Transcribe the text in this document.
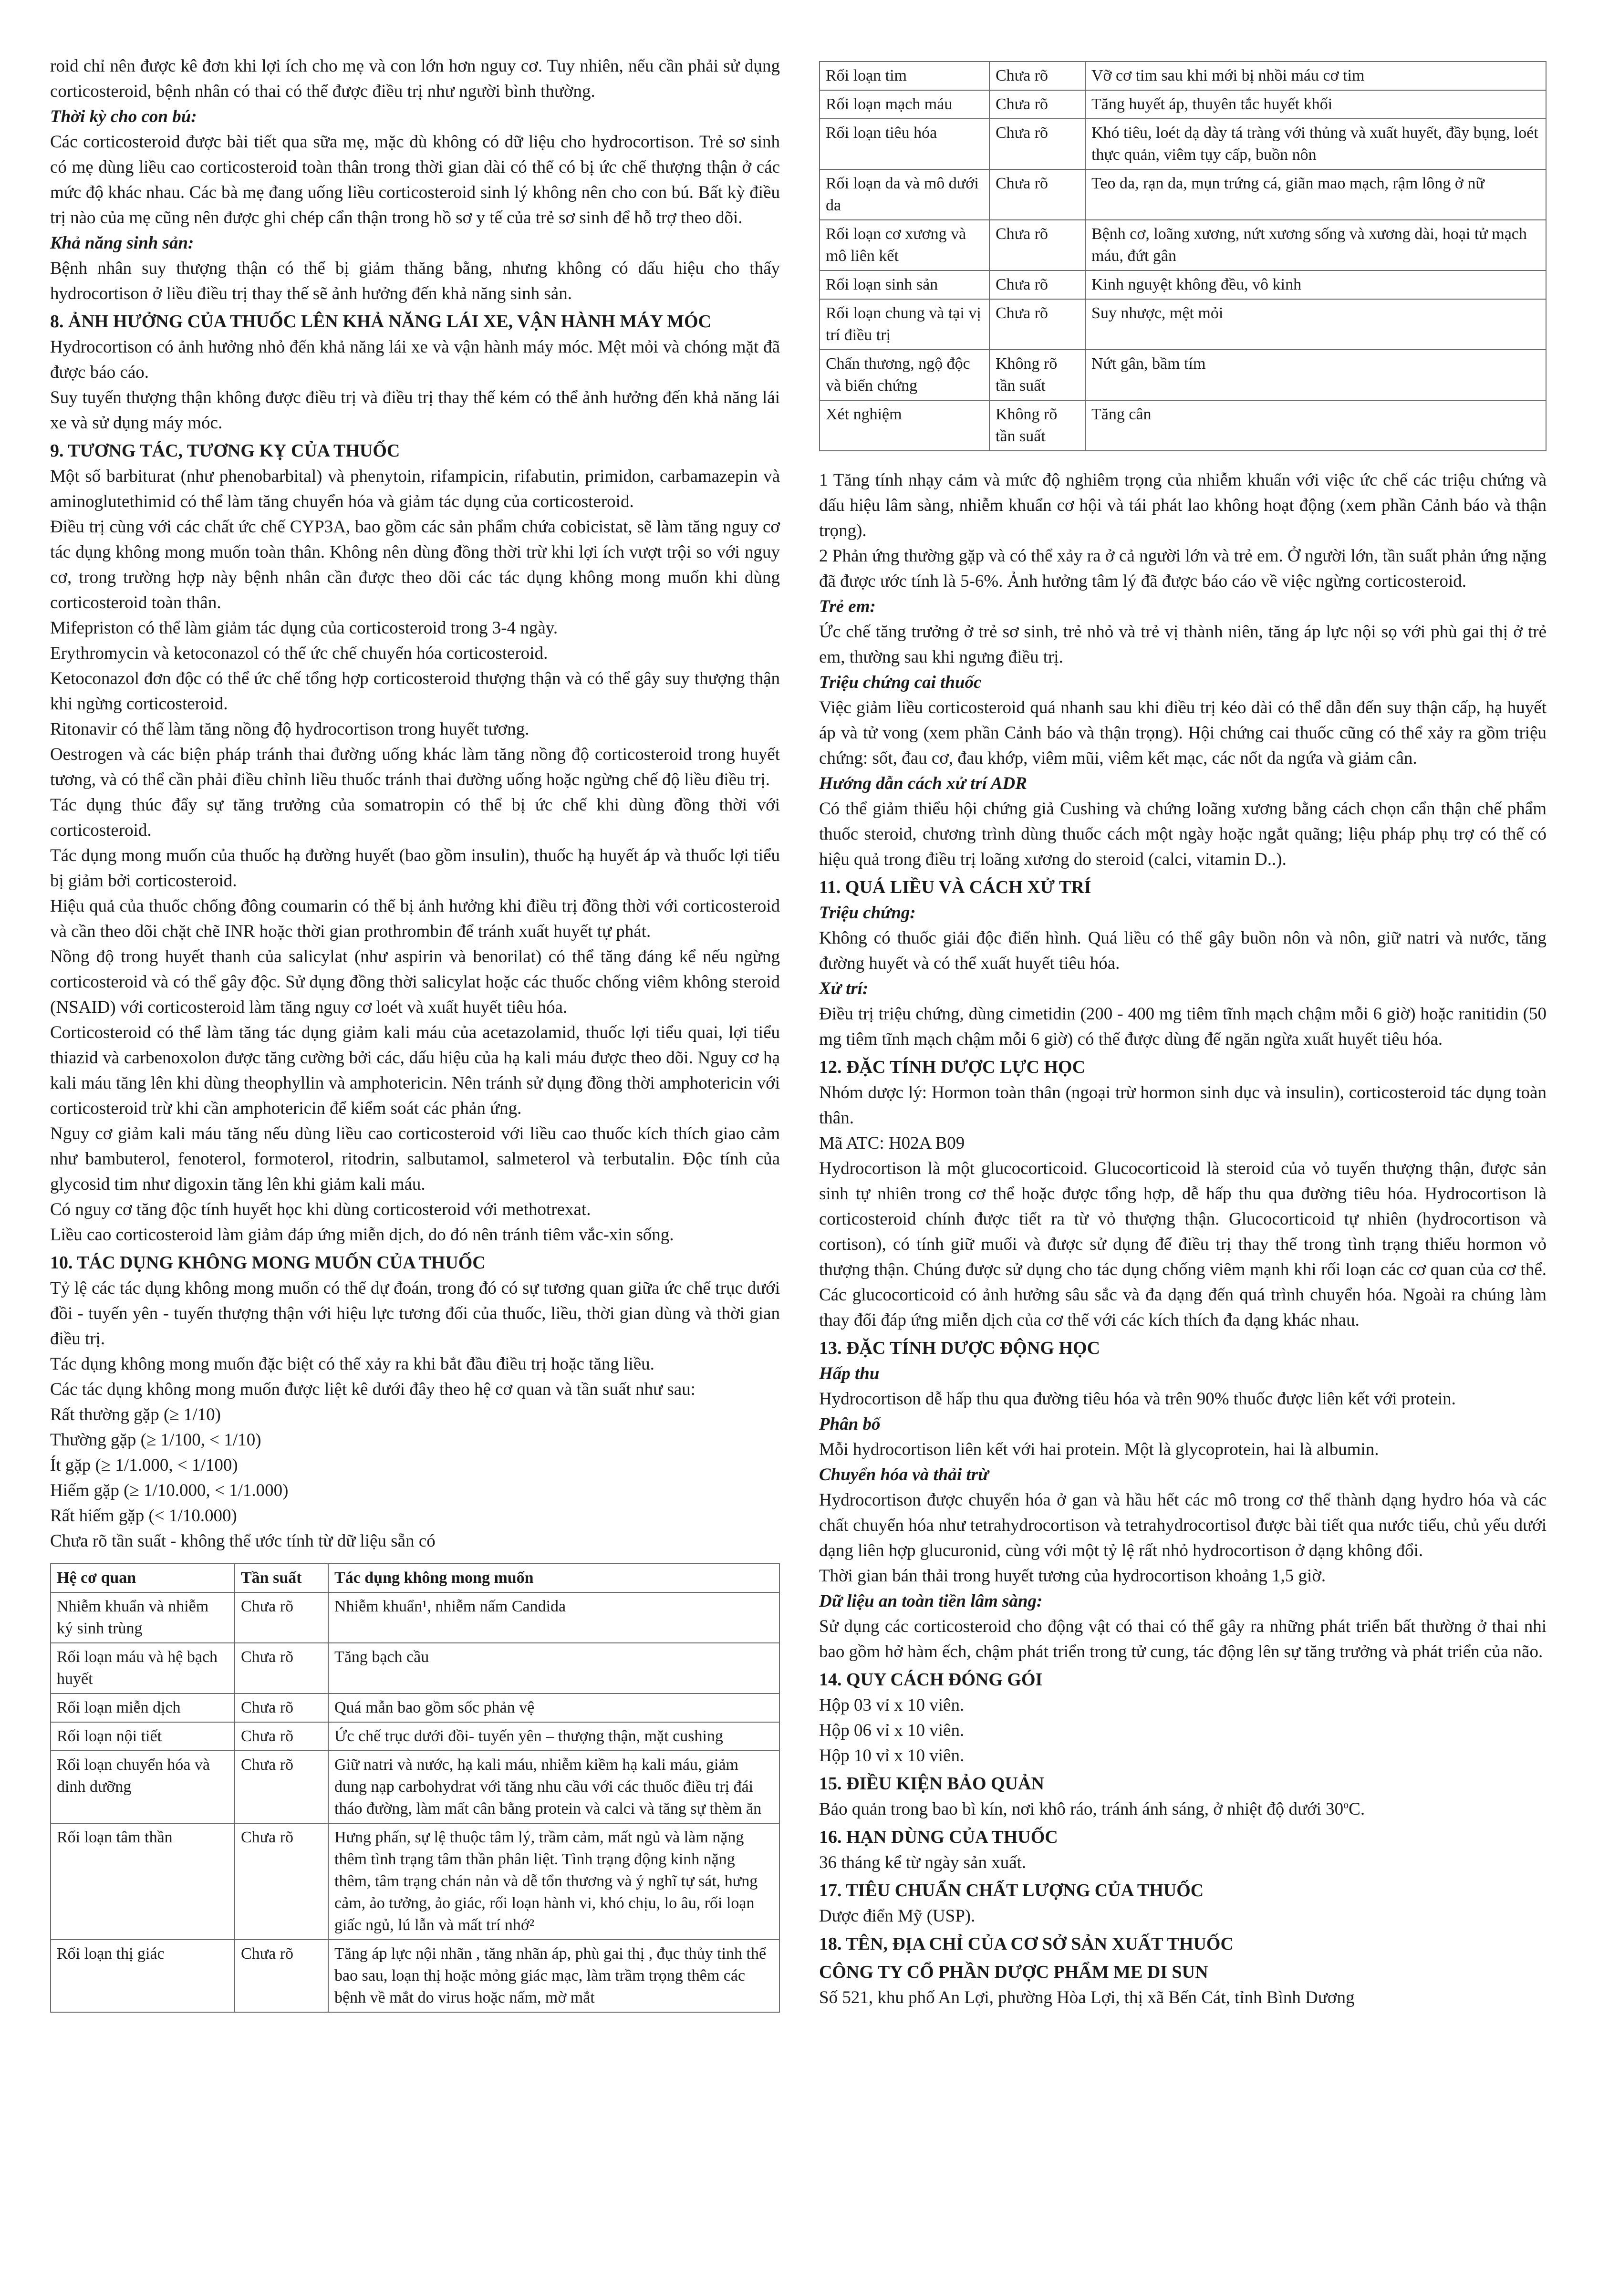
roid chỉ nên được kê đơn khi lợi ích cho mẹ và con lớn hơn nguy cơ. Tuy nhiên, nếu cần phải sử dụng corticosteroid, bệnh nhân có thai có thể được điều trị như người bình thường.

Thời kỳ cho con bú:

Các corticosteroid được bài tiết qua sữa mẹ, mặc dù không có dữ liệu cho hydrocortison. Trẻ sơ sinh có mẹ dùng liều cao corticosteroid toàn thân trong thời gian dài có thể có bị ức chế thượng thận ở các mức độ khác nhau. Các bà mẹ đang uống liều corticosteroid sinh lý không nên cho con bú. Bất kỳ điều trị nào của mẹ cũng nên được ghi chép cẩn thận trong hồ sơ y tế của trẻ sơ sinh để hỗ trợ theo dõi.

Khả năng sinh sản:

Bệnh nhân suy thượng thận có thể bị giảm thăng bằng, nhưng không có dấu hiệu cho thấy hydrocortison ở liều điều trị thay thế sẽ ảnh hưởng đến khả năng sinh sản.

8. ẢNH HƯỞNG CỦA THUỐC LÊN KHẢ NĂNG LÁI XE, VẬN HÀNH MÁY MÓC

Hydrocortison có ảnh hưởng nhỏ đến khả năng lái xe và vận hành máy móc. Mệt mỏi và chóng mặt đã được báo cáo.

Suy tuyến thượng thận không được điều trị và điều trị thay thế kém có thể ảnh hưởng đến khả năng lái xe và sử dụng máy móc.

9. TƯƠNG TÁC, TƯƠNG KỴ CỦA THUỐC

Một số barbiturat (như phenobarbital) và phenytoin, rifampicin, rifabutin, primidon, carbamazepin và aminoglutethimid có thể làm tăng chuyển hóa và giảm tác dụng của corticosteroid.

Điều trị cùng với các chất ức chế CYP3A, bao gồm các sản phẩm chứa cobicistat, sẽ làm tăng nguy cơ tác dụng không mong muốn toàn thân. Không nên dùng đồng thời trừ khi lợi ích vượt trội so với nguy cơ, trong trường hợp này bệnh nhân cần được theo dõi các tác dụng không mong muốn khi dùng corticosteroid toàn thân.

Mifepriston có thể làm giảm tác dụng của corticosteroid trong 3-4 ngày.

Erythromycin và ketoconazol có thể ức chế chuyển hóa corticosteroid.

Ketoconazol đơn độc có thể ức chế tổng hợp corticosteroid thượng thận và có thể gây suy thượng thận khi ngừng corticosteroid.

Ritonavir có thể làm tăng nồng độ hydrocortison trong huyết tương.

Oestrogen và các biện pháp tránh thai đường uống khác làm tăng nồng độ corticosteroid trong huyết tương, và có thể cần phải điều chỉnh liều thuốc tránh thai đường uống hoặc ngừng chế độ liều điều trị.

Tác dụng thúc đẩy sự tăng trưởng của somatropin có thể bị ức chế khi dùng đồng thời với corticosteroid.

Tác dụng mong muốn của thuốc hạ đường huyết (bao gồm insulin), thuốc hạ huyết áp và thuốc lợi tiểu bị giảm bởi corticosteroid.

Hiệu quả của thuốc chống đông coumarin có thể bị ảnh hưởng khi điều trị đồng thời với corticosteroid và cần theo dõi chặt chẽ INR hoặc thời gian prothrombin để tránh xuất huyết tự phát.

Nồng độ trong huyết thanh của salicylat (như aspirin và benorilat) có thể tăng đáng kể nếu ngừng corticosteroid và có thể gây độc. Sử dụng đồng thời salicylat hoặc các thuốc chống viêm không steroid (NSAID) với corticosteroid làm tăng nguy cơ loét và xuất huyết tiêu hóa.

Corticosteroid có thể làm tăng tác dụng giảm kali máu của acetazolamid, thuốc lợi tiểu quai, lợi tiểu thiazid và carbenoxolon được tăng cường bởi các, dấu hiệu của hạ kali máu được theo dõi. Nguy cơ hạ kali máu tăng lên khi dùng theophyllin và amphotericin. Nên tránh sử dụng đồng thời amphotericin với corticosteroid trừ khi cần amphotericin để kiểm soát các phản ứng.

Nguy cơ giảm kali máu tăng nếu dùng liều cao corticosteroid với liều cao thuốc kích thích giao cảm như bambuterol, fenoterol, formoterol, ritodrin, salbutamol, salmeterol và terbutalin. Độc tính của glycosid tim như digoxin tăng lên khi giảm kali máu.

Có nguy cơ tăng độc tính huyết học khi dùng corticosteroid với methotrexat.

Liều cao corticosteroid làm giảm đáp ứng miễn dịch, do đó nên tránh tiêm vắc-xin sống.

10. TÁC DỤNG KHÔNG MONG MUỐN CỦA THUỐC

Tỷ lệ các tác dụng không mong muốn có thể dự đoán, trong đó có sự tương quan giữa ức chế trục dưới đồi - tuyến yên - tuyến thượng thận với hiệu lực tương đối của thuốc, liều, thời gian dùng và thời gian điều trị.

Tác dụng không mong muốn đặc biệt có thể xảy ra khi bắt đầu điều trị hoặc tăng liều.

Các tác dụng không mong muốn được liệt kê dưới đây theo hệ cơ quan và tần suất như sau:

Rất thường gặp (≥ 1/10)

Thường gặp (≥ 1/100, < 1/10)

Ít gặp (≥ 1/1.000, < 1/100)

Hiếm gặp (≥ 1/10.000, < 1/1.000)

Rất hiếm gặp (< 1/10.000)

Chưa rõ tần suất - không thể ước tính từ dữ liệu sẵn có

Hệ cơ quan	Tần suất	Tác dụng không mong muốn
Nhiễm khuẩn và nhiễm ký sinh trùng	Chưa rõ	Nhiễm khuẩn¹, nhiễm nấm Candida
Rối loạn máu và hệ bạch huyết	Chưa rõ	Tăng bạch cầu
Rối loạn miễn dịch	Chưa rõ	Quá mẫn bao gồm sốc phản vệ
Rối loạn nội tiết	Chưa rõ	Ức chế trục dưới đồi- tuyến yên – thượng thận, mặt cushing
Rối loạn chuyển hóa và dinh dưỡng	Chưa rõ	Giữ natri và nước, hạ kali máu, nhiễm kiềm hạ kali máu, giảm dung nạp carbohydrat với tăng nhu cầu với các thuốc điều trị đái tháo đường, làm mất cân bằng protein và calci và tăng sự thèm ăn
Rối loạn tâm thần	Chưa rõ	Hưng phấn, sự lệ thuộc tâm lý, trầm cảm, mất ngủ và làm nặng thêm tình trạng tâm thần phân liệt. Tình trạng động kinh nặng thêm, tâm trạng chán nản và dễ tổn thương và ý nghĩ tự sát, hưng cảm, ảo tưởng, ảo giác, rối loạn hành vi, khó chịu, lo âu, rối loạn giấc ngủ, lú lẫn và mất trí nhớ²
Rối loạn thị giác	Chưa rõ	Tăng áp lực nội nhãn , tăng nhãn áp, phù gai thị , đục thủy tinh thể bao sau, loạn thị hoặc mỏng giác mạc, làm trầm trọng thêm các bệnh về mắt do virus hoặc nấm, mờ mắt
Rối loạn tim	Chưa rõ	Vỡ cơ tim sau khi mới bị nhồi máu cơ tim
Rối loạn mạch máu	Chưa rõ	Tăng huyết áp, thuyên tắc huyết khối
Rối loạn tiêu hóa	Chưa rõ	Khó tiêu, loét dạ dày tá tràng với thủng và xuất huyết, đầy bụng, loét thực quản, viêm tụy cấp, buồn nôn
Rối loạn da và mô dưới da	Chưa rõ	Teo da, rạn da, mụn trứng cá, giãn mao mạch, rậm lông ở nữ
Rối loạn cơ xương và mô liên kết	Chưa rõ	Bệnh cơ, loãng xương, nứt xương sống và xương dài, hoại tử mạch máu, đứt gân
Rối loạn sinh sản	Chưa rõ	Kinh nguyệt không đều, vô kinh
Rối loạn chung và tại vị trí điều trị	Chưa rõ	Suy nhược, mệt mỏi
Chấn thương, ngộ độc và biến chứng	Không rõ tần suất	Nứt gân, bầm tím
Xét nghiệm	Không rõ tần suất	Tăng cân

1 Tăng tính nhạy cảm và mức độ nghiêm trọng của nhiễm khuẩn với việc ức chế các triệu chứng và dấu hiệu lâm sàng, nhiễm khuẩn cơ hội và tái phát lao không hoạt động (xem phần Cảnh báo và thận trọng).

2 Phản ứng thường gặp và có thể xảy ra ở cả người lớn và trẻ em. Ở người lớn, tần suất phản ứng nặng đã được ước tính là 5-6%. Ảnh hưởng tâm lý đã được báo cáo về việc ngừng corticosteroid.

Trẻ em:

Ức chế tăng trưởng ở trẻ sơ sinh, trẻ nhỏ và trẻ vị thành niên, tăng áp lực nội sọ với phù gai thị ở trẻ em, thường sau khi ngưng điều trị.

Triệu chứng cai thuốc

Việc giảm liều corticosteroid quá nhanh sau khi điều trị kéo dài có thể dẫn đến suy thận cấp, hạ huyết áp và tử vong (xem phần Cảnh báo và thận trọng). Hội chứng cai thuốc cũng có thể xảy ra gồm triệu chứng: sốt, đau cơ, đau khớp, viêm mũi, viêm kết mạc, các nốt da ngứa và giảm cân.

Hướng dẫn cách xử trí ADR

Có thể giảm thiểu hội chứng giả Cushing và chứng loãng xương bằng cách chọn cẩn thận chế phẩm thuốc steroid, chương trình dùng thuốc cách một ngày hoặc ngắt quãng; liệu pháp phụ trợ có thể có hiệu quả trong điều trị loãng xương do steroid (calci, vitamin D..).

11. QUÁ LIỀU VÀ CÁCH XỬ TRÍ

Triệu chứng:

Không có thuốc giải độc điển hình. Quá liều có thể gây buồn nôn và nôn, giữ natri và nước, tăng đường huyết và có thể xuất huyết tiêu hóa.

Xử trí:

Điều trị triệu chứng, dùng cimetidin (200 - 400 mg tiêm tĩnh mạch chậm mỗi 6 giờ) hoặc ranitidin (50 mg tiêm tĩnh mạch chậm mỗi 6 giờ) có thể được dùng để ngăn ngừa xuất huyết tiêu hóa.

12. ĐẶC TÍNH DƯỢC LỰC HỌC

Nhóm dược lý: Hormon toàn thân (ngoại trừ hormon sinh dục và insulin), corticosteroid tác dụng toàn thân.

Mã ATC: H02A B09

Hydrocortison là một glucocorticoid. Glucocorticoid là steroid của vỏ tuyến thượng thận, được sản sinh tự nhiên trong cơ thể hoặc được tổng hợp, dễ hấp thu qua đường tiêu hóa. Hydrocortison là corticosteroid chính được tiết ra từ vỏ thượng thận. Glucocorticoid tự nhiên (hydrocortison và cortison), có tính giữ muối và được sử dụng để điều trị thay thế trong tình trạng thiếu hormon vỏ thượng thận. Chúng được sử dụng cho tác dụng chống viêm mạnh khi rối loạn các cơ quan của cơ thể. Các glucocorticoid có ảnh hưởng sâu sắc và đa dạng đến quá trình chuyển hóa. Ngoài ra chúng làm thay đổi đáp ứng miễn dịch của cơ thể với các kích thích đa dạng khác nhau.

13. ĐẶC TÍNH DƯỢC ĐỘNG HỌC

Hấp thu

Hydrocortison dễ hấp thu qua đường tiêu hóa và trên 90% thuốc được liên kết với protein.

Phân bố

Mỗi hydrocortison liên kết với hai protein. Một là glycoprotein, hai là albumin.

Chuyển hóa và thải trừ

Hydrocortison được chuyển hóa ở gan và hầu hết các mô trong cơ thể thành dạng hydro hóa và các chất chuyển hóa như tetrahydrocortison và tetrahydrocortisol được bài tiết qua nước tiểu, chủ yếu dưới dạng liên hợp glucuronid, cùng với một tỷ lệ rất nhỏ hydrocortison ở dạng không đổi.

Thời gian bán thải trong huyết tương của hydrocortison khoảng 1,5 giờ.

Dữ liệu an toàn tiền lâm sàng:

Sử dụng các corticosteroid cho động vật có thai có thể gây ra những phát triển bất thường ở thai nhi bao gồm hở hàm ếch, chậm phát triển trong tử cung, tác động lên sự tăng trưởng và phát triển của não.

14. QUY CÁCH ĐÓNG GÓI

Hộp 03 vỉ x 10 viên.

Hộp 06 vỉ x 10 viên.

Hộp 10 vỉ x 10 viên.

15. ĐIỀU KIỆN BẢO QUẢN

Bảo quản trong bao bì kín, nơi khô ráo, tránh ánh sáng, ở nhiệt độ dưới 30$^o$C.

16. HẠN DÙNG CỦA THUỐC

36 tháng kể từ ngày sản xuất.

17. TIÊU CHUẨN CHẤT LƯỢNG CỦA THUỐC

Dược điển Mỹ (USP).

18. TÊN, ĐỊA CHỈ CỦA CƠ SỞ SẢN XUẤT THUỐC

CÔNG TY CỔ PHẦN DƯỢC PHẨM ME DI SUN

Số 521, khu phố An Lợi, phường Hòa Lợi, thị xã Bến Cát, tỉnh Bình Dương
